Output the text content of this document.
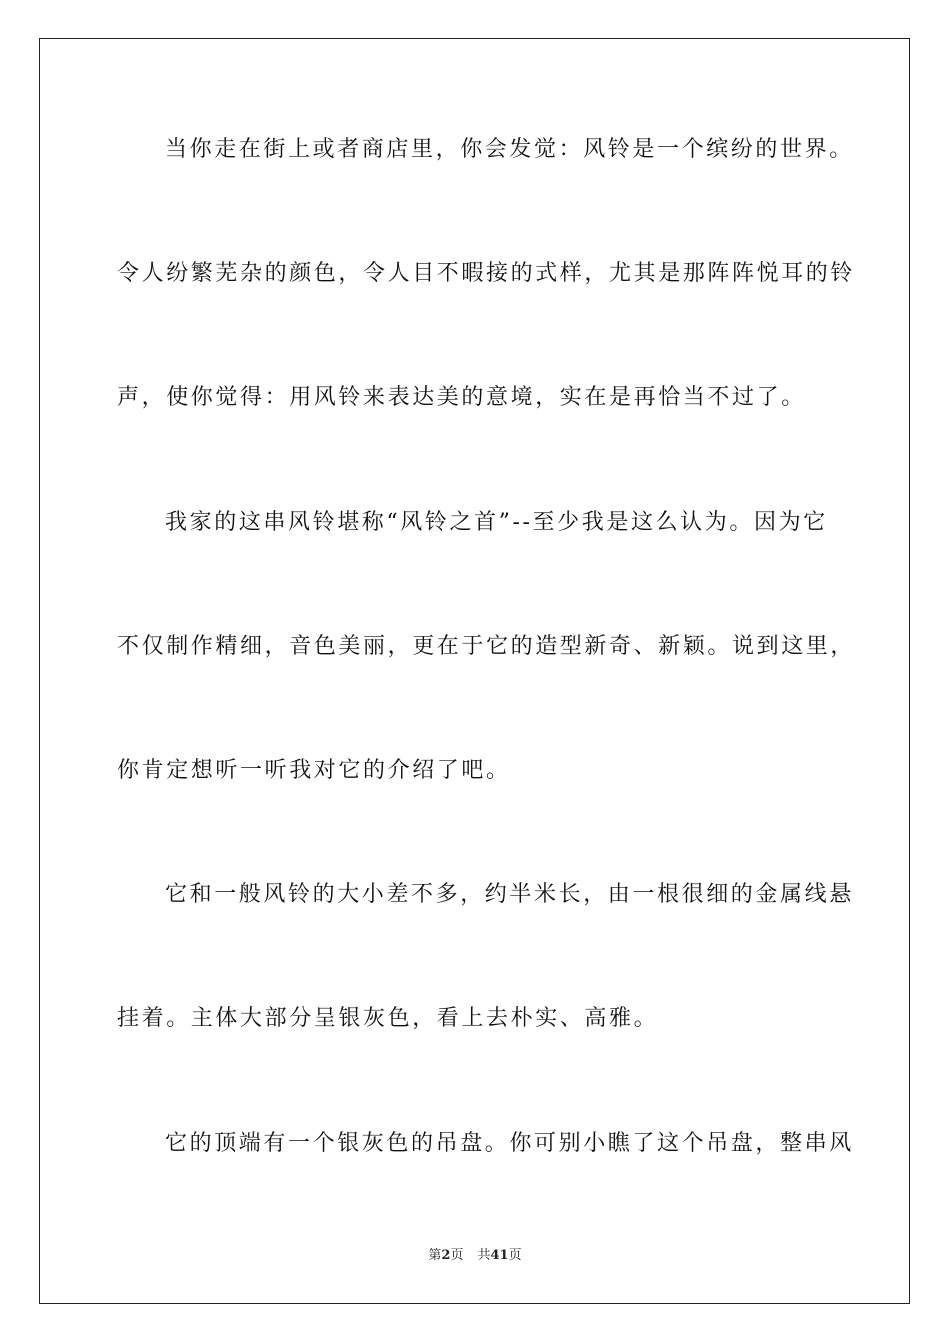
当你走在街上或者商店里，你会发觉：风铃是一个缤纷的世界。
令人纷繁芜杂的颜色，令人目不暇接的式样，尤其是那阵阵悦耳的铃
声，使你觉得：用风铃来表达美的意境，实在是再恰当不过了。
我家的这串风铃堪称“风铃之首”--至少我是这么认为。因为它
不仅制作精细，音色美丽，更在于它的造型新奇、新颖。说到这里，
你肯定想听一听我对它的介绍了吧。
它和一般风铃的大小差不多，约半米长，由一根很细的金属线悬
挂着。主体大部分呈银灰色，看上去朴实、高雅。
它的顶端有一个银灰色的吊盘。你可别小瞧了这个吊盘，整串风
第2页 共41页
